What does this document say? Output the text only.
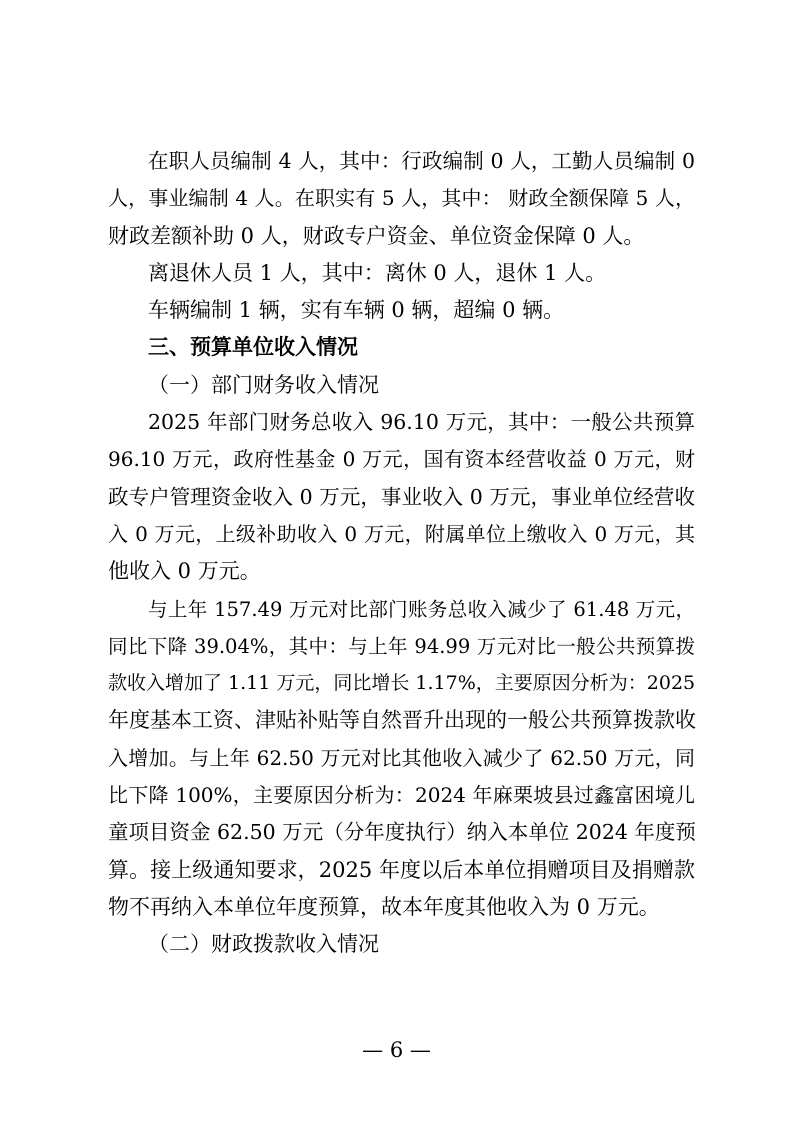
在职人员编制 4 人，其中：行政编制 0 人，工勤人员编制 0
人，事业编制 4 人。在职实有 5 人，其中： 财政全额保障 5 人，
财政差额补助 0 人，财政专户资金、单位资金保障 0 人。
离退休人员 1 人，其中：离休 0 人，退休 1 人。
车辆编制 1 辆，实有车辆 0 辆，超编 0 辆。
三、预算单位收入情况
（一）部门财务收入情况
2025 年部门财务总收入 96.10 万元，其中：一般公共预算
96.10 万元，政府性基金 0 万元，国有资本经营收益 0 万元，财
政专户管理资金收入 0 万元，事业收入 0 万元，事业单位经营收
入 0 万元，上级补助收入 0 万元，附属单位上缴收入 0 万元，其
他收入 0 万元。
与上年 157.49 万元对比部门账务总收入减少了 61.48 万元，
同比下降 39.04%，其中：与上年 94.99 万元对比一般公共预算拨
款收入增加了 1.11 万元，同比增长 1.17%，主要原因分析为：2025
年度基本工资、津贴补贴等自然晋升出现的一般公共预算拨款收
入增加。与上年 62.50 万元对比其他收入减少了 62.50 万元，同
比下降 100%，主要原因分析为：2024 年麻栗坡县过鑫富困境儿
童项目资金 62.50 万元（分年度执行）纳入本单位 2024 年度预
算。接上级通知要求，2025 年度以后本单位捐赠项目及捐赠款
物不再纳入本单位年度预算，故本年度其他收入为 0 万元。
（二）财政拨款收入情况
— 6 —
